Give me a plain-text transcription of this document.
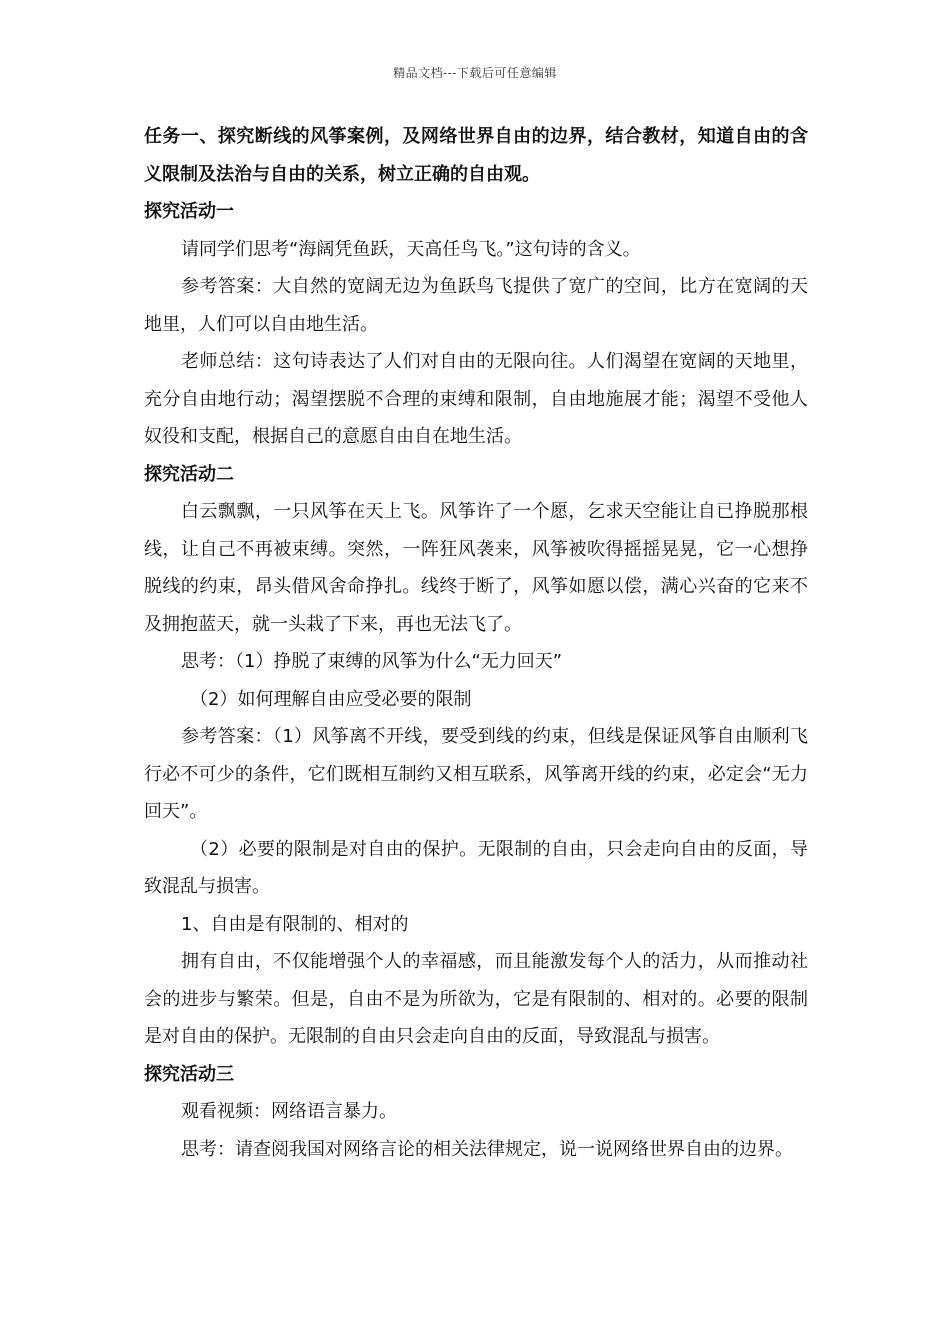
精品文档---下载后可任意编辑

任务一、探究断线的风筝案例，及网络世界自由的边界，结合教材，知道自由的含义限制及法治与自由的关系，树立正确的自由观。

探究活动一

请同学们思考“海阔凭鱼跃，天高任鸟飞。”这句诗的含义。

参考答案：大自然的宽阔无边为鱼跃鸟飞提供了宽广的空间，比方在宽阔的天地里，人们可以自由地生活。

老师总结：这句诗表达了人们对自由的无限向往。人们渴望在宽阔的天地里，充分自由地行动；渴望摆脱不合理的束缚和限制，自由地施展才能；渴望不受他人奴役和支配，根据自己的意愿自由自在地生活。

探究活动二

白云飘飘，一只风筝在天上飞。风筝许了一个愿，乞求天空能让自已挣脱那根线，让自己不再被束缚。突然，一阵狂风袭来，风筝被吹得摇摇晃晃，它一心想挣脱线的约束，昂头借风舍命挣扎。线终于断了，风筝如愿以偿，满心兴奋的它来不及拥抱蓝天，就一头栽了下来，再也无法飞了。

思考：（1）挣脱了束缚的风筝为什么“无力回天”

（2）如何理解自由应受必要的限制

参考答案：（1）风筝离不开线，要受到线的约束，但线是保证风筝自由顺利飞行必不可少的条件，它们既相互制约又相互联系，风筝离开线的约束，必定会“无力回天”。

（2）必要的限制是对自由的保护。无限制的自由，只会走向自由的反面，导致混乱与损害。

1、自由是有限制的、相对的

拥有自由，不仅能增强个人的幸福感，而且能激发每个人的活力，从而推动社会的进步与繁荣。但是，自由不是为所欲为，它是有限制的、相对的。必要的限制是对自由的保护。无限制的自由只会走向自由的反面，导致混乱与损害。

探究活动三

观看视频：网络语言暴力。

思考：请查阅我国对网络言论的相关法律规定，说一说网络世界自由的边界。
